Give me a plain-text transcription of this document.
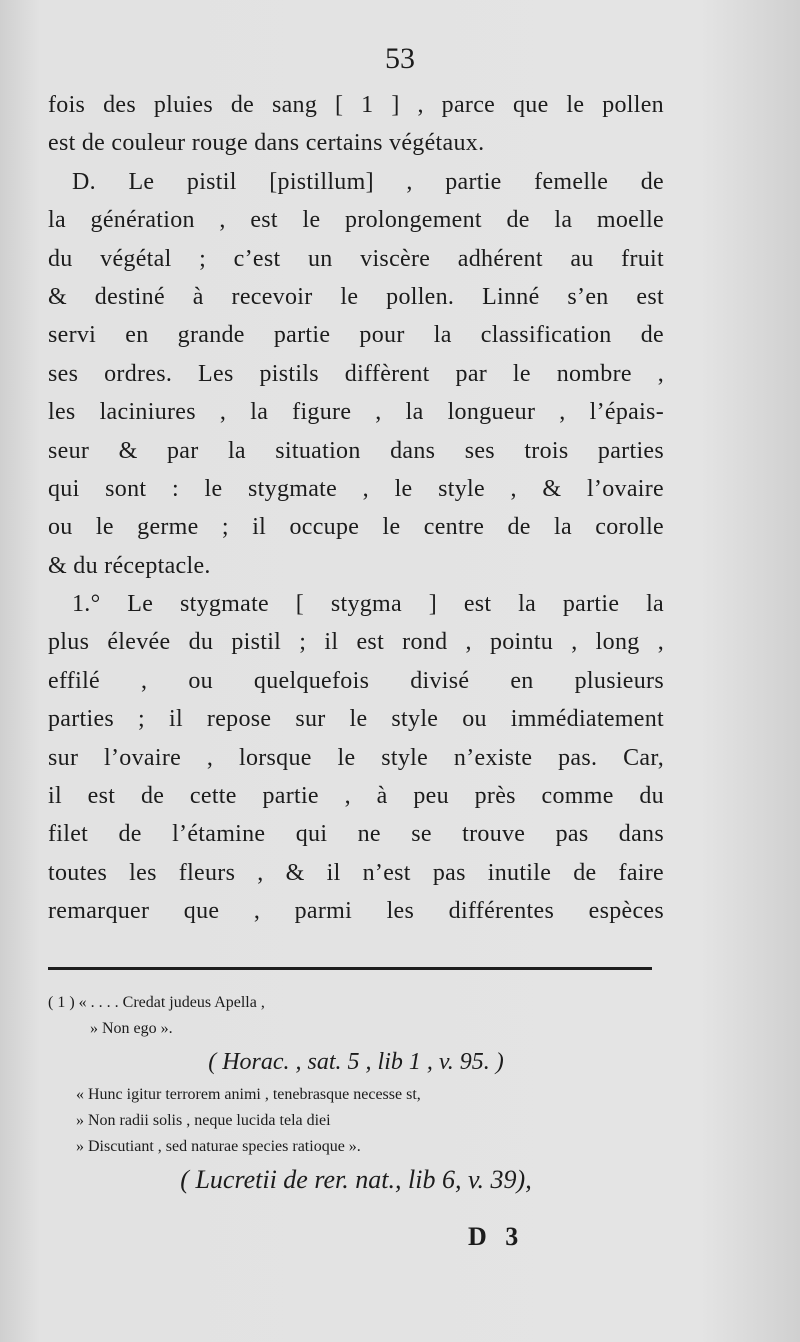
53
fois des pluies de sang [ 1 ] , parce que le pollen
est de couleur rouge dans certains végétaux.
D. Le pistil [pistillum] , partie femelle de
la génération , est le prolongement de la moelle
du végétal ; c’est un viscère adhérent au fruit
& destiné à recevoir le pollen. Linné s’en est
servi en grande partie pour la classification de
ses ordres. Les pistils diffèrent par le nombre ,
les laciniures , la figure , la longueur , l’épais-
seur & par la situation dans ses trois parties
qui sont : le stygmate , le style , & l’ovaire
ou le germe ; il occupe le centre de la corolle
& du réceptacle.
1.° Le stygmate [ stygma ] est la partie la
plus élevée du pistil ; il est rond , pointu , long ,
effilé , ou quelquefois divisé en plusieurs
parties ; il repose sur le style ou immédiatement
sur l’ovaire , lorsque le style n’existe pas. Car,
il est de cette partie , à peu près comme du
filet de l’étamine qui ne se trouve pas dans
toutes les fleurs , & il n’est pas inutile de faire
remarquer que , parmi les différentes espèces
( 1 ) « . . . . Credat judeus Apella ,
» Non ego ».
( Horac. , sat. 5 , lib 1 , v. 95. )
« Hunc igitur terrorem animi , tenebrasque necesse st,
» Non radii solis , neque lucida tela diei
» Discutiant , sed naturae species ratioque ».
( Lucretii de rer. nat., lib 6, v. 39),
D 3
